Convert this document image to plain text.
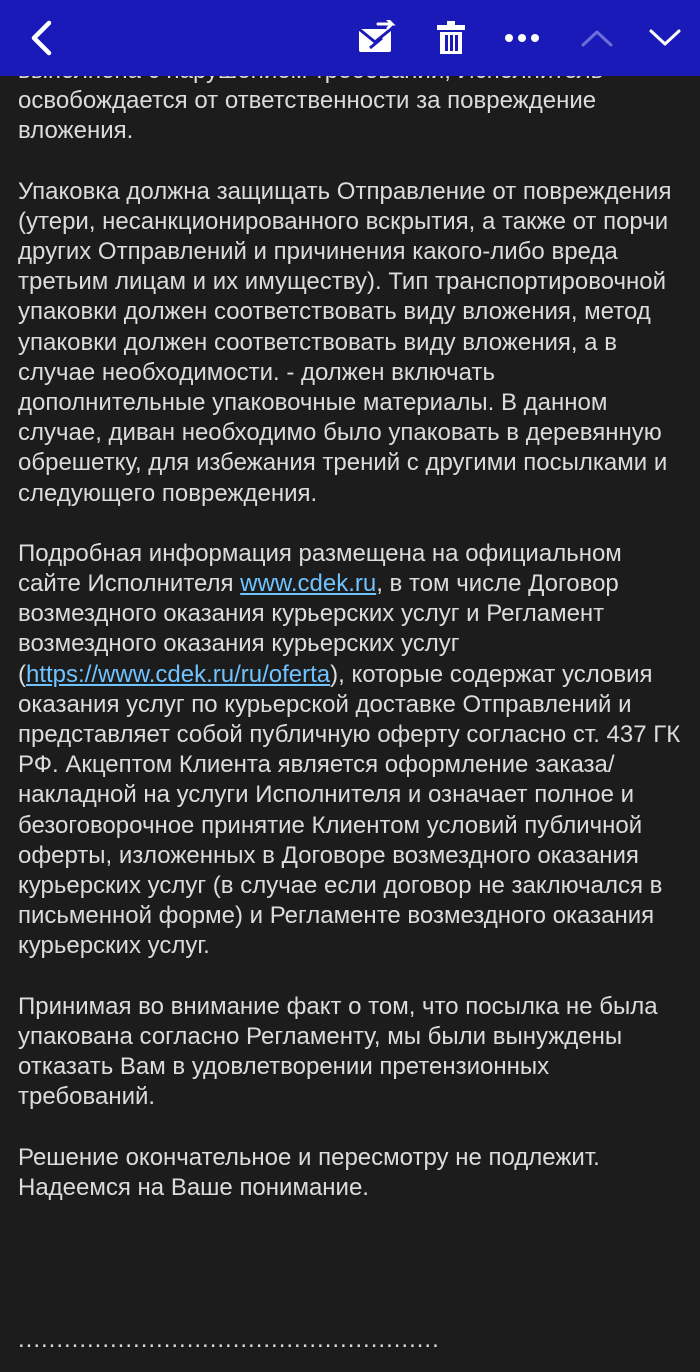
освобождается от ответственности за повреждение вложения.

Упаковка должна защищать Отправление от повреждения (утери, несанкционированного вскрытия, а также от порчи других Отправлений и причинения какого-либо вреда третьим лицам и их имуществу). Тип транспортировочной упаковки должен соответствовать виду вложения, метод упаковки должен соответствовать виду вложения, а в случае необходимости. - должен включать дополнительные упаковочные материалы. В данном случае, диван необходимо было упаковать в деревянную обрешетку, для избежания трений с другими посылками и следующего повреждения.

Подробная информация размещена на официальном сайте Исполнителя www.cdek.ru, в том числе Договор возмездного оказания курьерских услуг и Регламент возмездного оказания курьерских услуг (https://www.cdek.ru/ru/oferta), которые содержат условия оказания услуг по курьерской доставке Отправлений и представляет собой публичную оферту согласно ст. 437 ГК РФ. Акцептом Клиента является оформление заказа/накладной на услуги Исполнителя и означает полное и безоговорочное принятие Клиентом условий публичной оферты, изложенных в Договоре возмездного оказания курьерских услуг (в случае если договор не заключался в письменной форме) и Регламенте возмездного оказания курьерских услуг.

Принимая во внимание факт о том, что посылка не была упакована согласно Регламенту, мы были вынуждены отказать Вам в удовлетворении претензионных требований.

Решение окончательное и пересмотру не подлежит.
Надеемся на Ваше понимание.

.......................................................
